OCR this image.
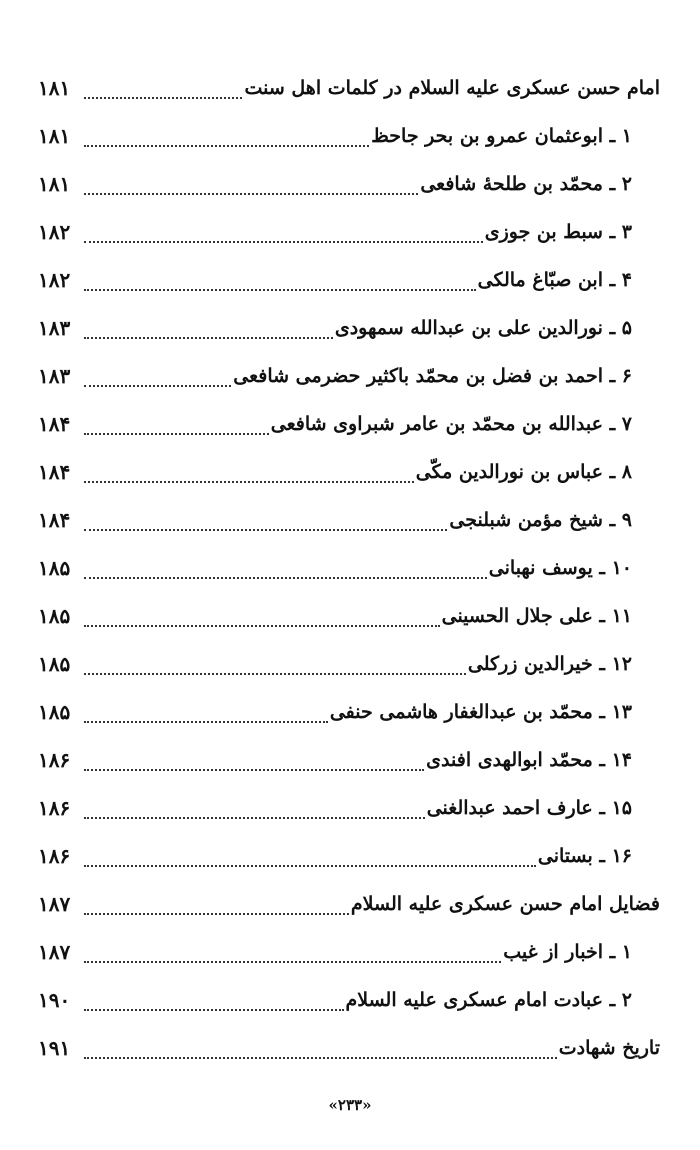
امام حسن عسکری علیه السلام در کلمات اهل سنت
۱۸۱
۱ ـ ابوعثمان عمرو بن بحر جاحظ
۱۸۱
۲ ـ محمّد بن طلحهٔ شافعی
۱۸۱
۳ ـ سبط بن جوزی
۱۸۲
۴ ـ ابن صبّاغ مالکی
۱۸۲
۵ ـ نورالدین علی بن عبدالله سمهودی
۱۸۳
۶ ـ احمد بن فضل بن محمّد باکثیر حضرمی شافعی
۱۸۳
۷ ـ عبدالله بن محمّد بن عامر شبراوی شافعی
۱۸۴
۸ ـ عباس بن نورالدین مکّی
۱۸۴
۹ ـ شیخ مؤمن شبلنجی
۱۸۴
۱۰ ـ یوسف نهبانی
۱۸۵
۱۱ ـ علی جلال الحسینی
۱۸۵
۱۲ ـ خیرالدین زرکلی
۱۸۵
۱۳ ـ محمّد بن عبدالغفار هاشمی حنفی
۱۸۵
۱۴ ـ محمّد ابوالهدی افندی
۱۸۶
۱۵ ـ عارف احمد عبدالغنی
۱۸۶
۱۶ ـ بستانی
۱۸۶
فضایل امام حسن عسکری علیه السلام
۱۸۷
۱ ـ اخبار از غیب
۱۸۷
۲ ـ عبادت امام عسکری علیه السلام
۱۹۰
تاریخ شهادت
۱۹۱
«۲۳۳»
